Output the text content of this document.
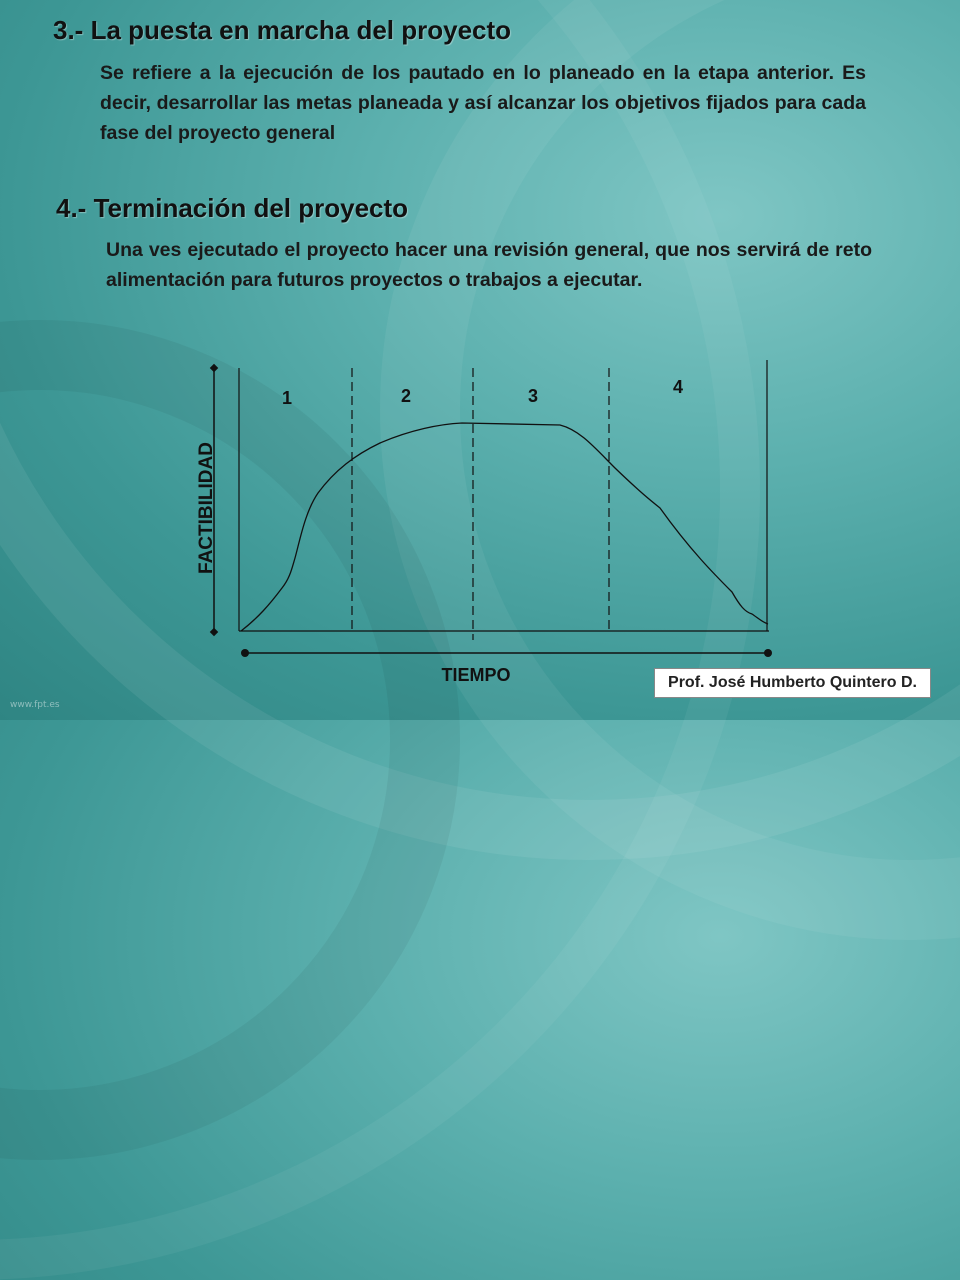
3.- La puesta en marcha del proyecto

Se refiere a la ejecución de los pautado en lo planeado en la etapa anterior. Es decir, desarrollar las metas planeada y así alcanzar los objetivos fijados para cada fase del proyecto general

4.- Terminación del proyecto

Una ves ejecutado el proyecto hacer una revisión general, que nos servirá de reto alimentación para futuros proyectos o trabajos a ejecutar.

1	2	3	4
FACTIBILIDAD
TIEMPO	Prof. José Humberto Quintero D.
www.fpt.es
